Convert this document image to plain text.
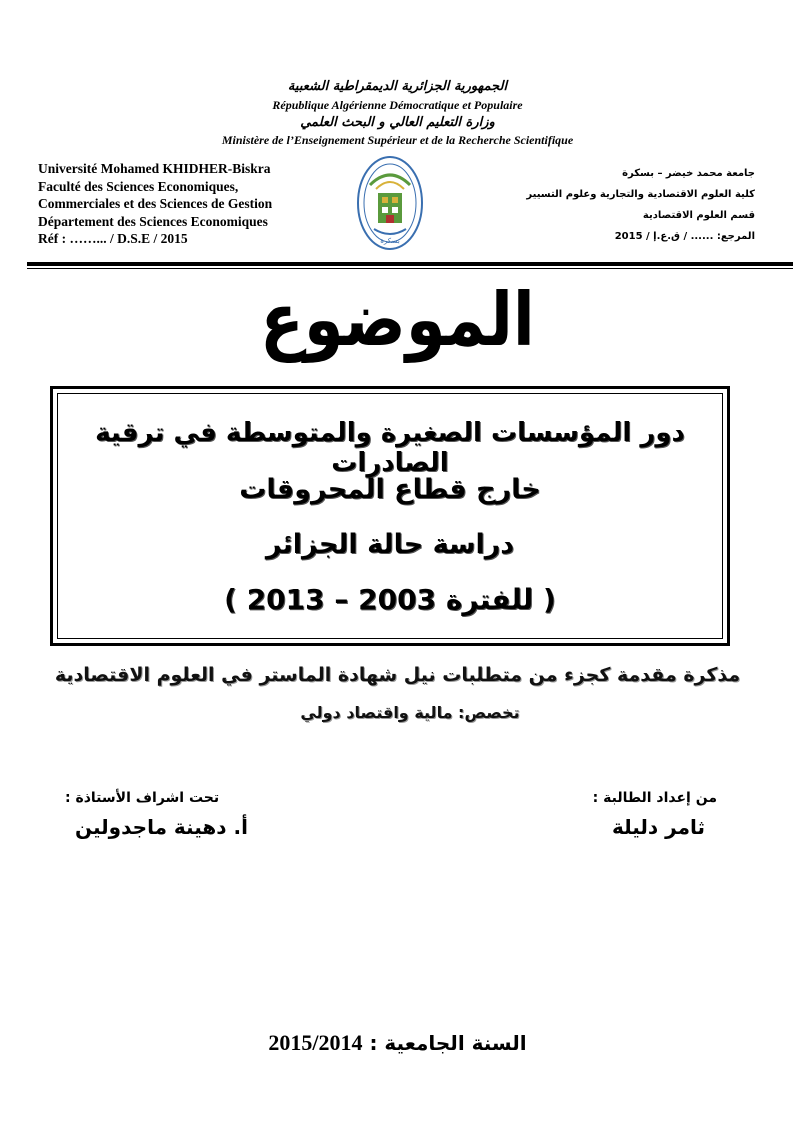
الجمهورية الجزائرية الديمقراطية الشعبية
République Algérienne Démocratique et Populaire
وزارة التعليم العالي و البحث العلمي
Ministère de l’Enseignement Supérieur et de la Recherche Scientifique
Université Mohamed KHIDHER-Biskra
Faculté des Sciences Economiques,
Commerciales et des Sciences de Gestion
Département des Sciences Economiques
Réf : ……... / D.S.E / 2015	بسكرة
جامعة محمد خيضر – بسكرة
كلية العلوم الاقتصادية والتجارية وعلوم التسيير
قسم العلوم الاقتصادية
المرجع: ...... / ق.ع.إ / 2015
الموضوع
دور المؤسسات الصغيرة والمتوسطة في ترقية الصادرات
خارج قطاع المحروقات
دراسة حالة الجزائر
( للفترة 2003 – 2013 )
مذكرة مقدمة كجزء من متطلبات نيل شهادة الماستر في العلوم الاقتصادية
تخصص: مالية واقتصاد دولي
من إعداد الطالبة :
تحت اشراف الأستاذة :
ثامر دليلة
أ. دهينة ماجدولين
2015/2014 السنة الجامعية :
